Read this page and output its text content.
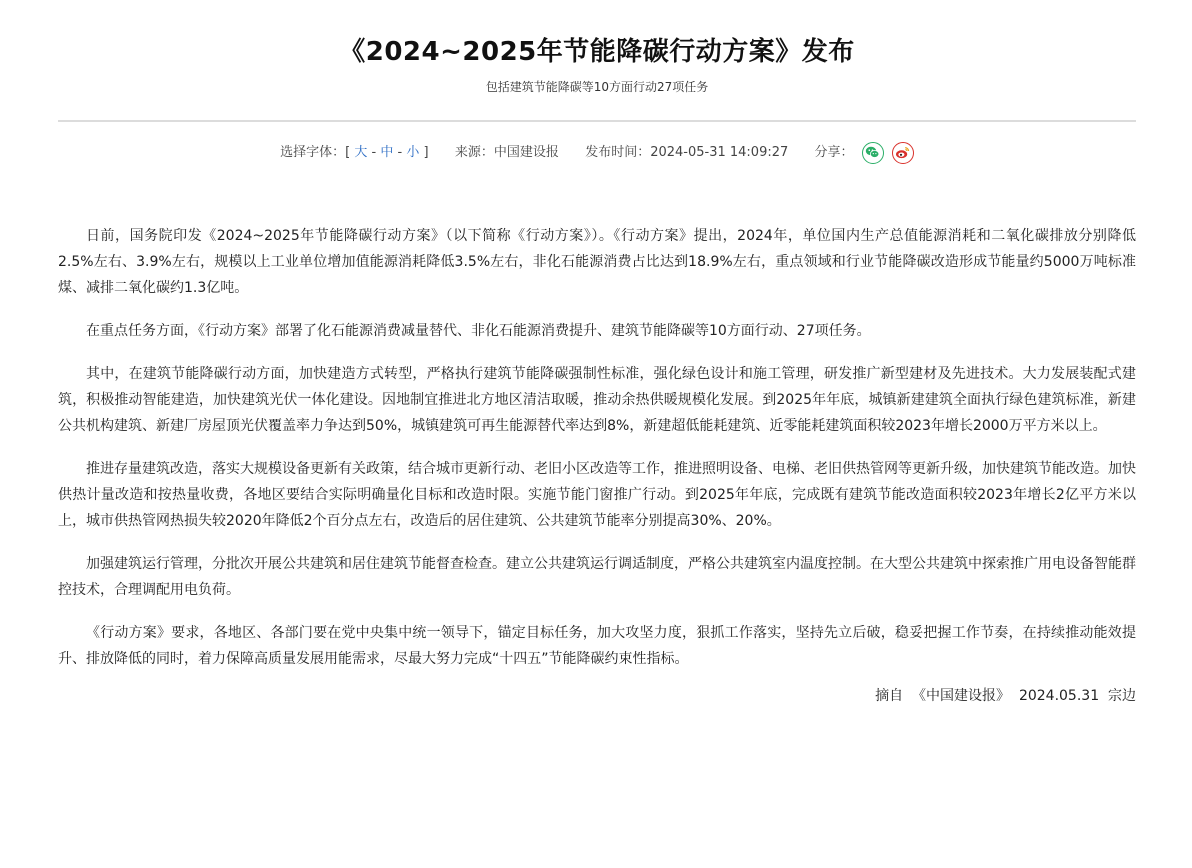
《2024~2025年节能降碳行动方案》发布
包括建筑节能降碳等10方面行动27项任务
选择字体：[ 大 - 中 - 小 ] 来源：中国建设报 发布时间：2024-05-31 14:09:27 分享：

日前，国务院印发《2024~2025年节能降碳行动方案》（以下简称《行动方案》）。《行动方案》提出，2024年，单位国内生产总值能源消耗和二氧化碳排放分别降低2.5%左右、3.9%左右，规模以上工业单位增加值能源消耗降低3.5%左右，非化石能源消费占比达到18.9%左右，重点领域和行业节能降碳改造形成节能量约5000万吨标准煤、减排二氧化碳约1.3亿吨。

在重点任务方面，《行动方案》部署了化石能源消费减量替代、非化石能源消费提升、建筑节能降碳等10方面行动、27项任务。

其中，在建筑节能降碳行动方面，加快建造方式转型，严格执行建筑节能降碳强制性标准，强化绿色设计和施工管理，研发推广新型建材及先进技术。大力发展装配式建筑，积极推动智能建造，加快建筑光伏一体化建设。因地制宜推进北方地区清洁取暖，推动余热供暖规模化发展。到2025年年底，城镇新建建筑全面执行绿色建筑标准，新建公共机构建筑、新建厂房屋顶光伏覆盖率力争达到50%，城镇建筑可再生能源替代率达到8%，新建超低能耗建筑、近零能耗建筑面积较2023年增长2000万平方米以上。

推进存量建筑改造，落实大规模设备更新有关政策，结合城市更新行动、老旧小区改造等工作，推进照明设备、电梯、老旧供热管网等更新升级，加快建筑节能改造。加快供热计量改造和按热量收费，各地区要结合实际明确量化目标和改造时限。实施节能门窗推广行动。到2025年年底，完成既有建筑节能改造面积较2023年增长2亿平方米以上，城市供热管网热损失较2020年降低2个百分点左右，改造后的居住建筑、公共建筑节能率分别提高30%、20%。

加强建筑运行管理，分批次开展公共建筑和居住建筑节能督查检查。建立公共建筑运行调适制度，严格公共建筑室内温度控制。在大型公共建筑中探索推广用电设备智能群控技术，合理调配用电负荷。

《行动方案》要求，各地区、各部门要在党中央集中统一领导下，锚定目标任务，加大攻坚力度，狠抓工作落实，坚持先立后破，稳妥把握工作节奏，在持续推动能效提升、排放降低的同时，着力保障高质量发展用能需求，尽最大努力完成“十四五”节能降碳约束性指标。

摘自  《中国建设报》  2024.05.31  宗边
